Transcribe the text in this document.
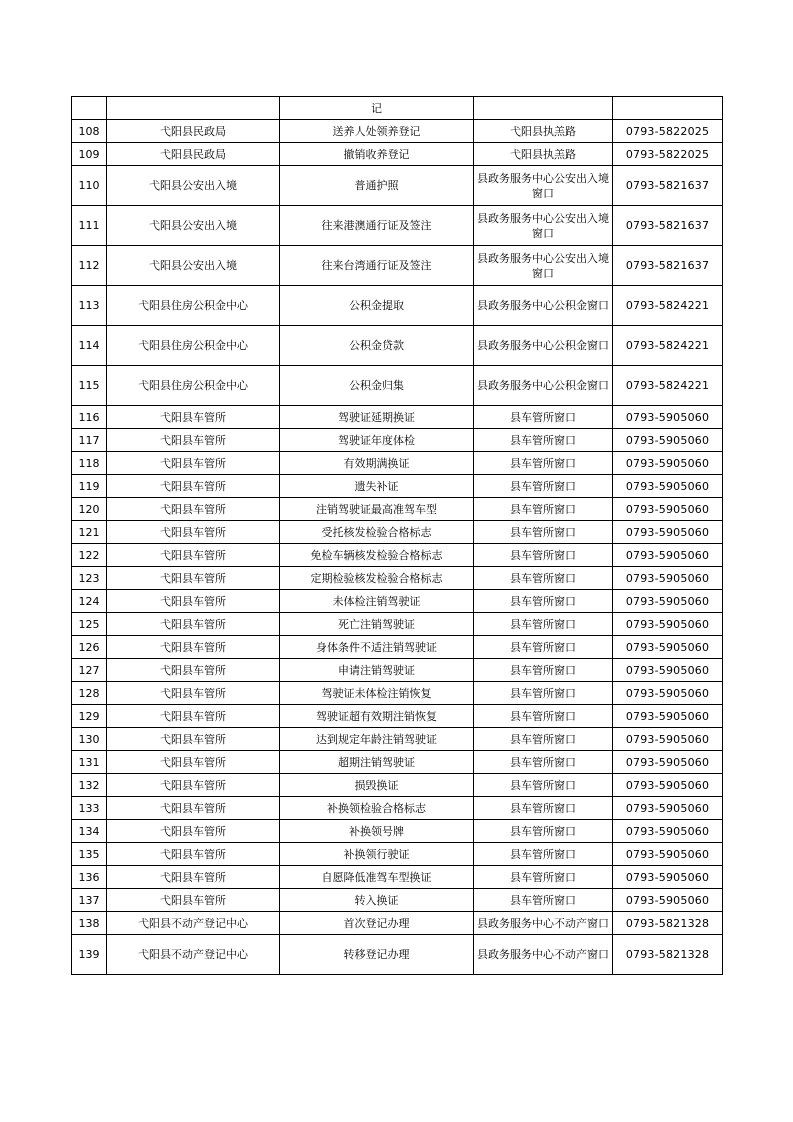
		记		
108	弋阳县民政局	送养人处领养登记	弋阳县执羔路	0793-5822025
109	弋阳县民政局	撤销收养登记	弋阳县执羔路	0793-5822025
110	弋阳县公安出入境	普通护照	县政务服务中心公安出入境窗口	0793-5821637
111	弋阳县公安出入境	往来港澳通行证及签注	县政务服务中心公安出入境窗口	0793-5821637
112	弋阳县公安出入境	往来台湾通行证及签注	县政务服务中心公安出入境窗口	0793-5821637
113	弋阳县住房公积金中心	公积金提取	县政务服务中心公积金窗口	0793-5824221
114	弋阳县住房公积金中心	公积金贷款	县政务服务中心公积金窗口	0793-5824221
115	弋阳县住房公积金中心	公积金归集	县政务服务中心公积金窗口	0793-5824221
116	弋阳县车管所	驾驶证延期换证	县车管所窗口	0793-5905060
117	弋阳县车管所	驾驶证年度体检	县车管所窗口	0793-5905060
118	弋阳县车管所	有效期满换证	县车管所窗口	0793-5905060
119	弋阳县车管所	遗失补证	县车管所窗口	0793-5905060
120	弋阳县车管所	注销驾驶证最高准驾车型	县车管所窗口	0793-5905060
121	弋阳县车管所	受托核发检验合格标志	县车管所窗口	0793-5905060
122	弋阳县车管所	免检车辆核发检验合格标志	县车管所窗口	0793-5905060
123	弋阳县车管所	定期检验核发检验合格标志	县车管所窗口	0793-5905060
124	弋阳县车管所	未体检注销驾驶证	县车管所窗口	0793-5905060
125	弋阳县车管所	死亡注销驾驶证	县车管所窗口	0793-5905060
126	弋阳县车管所	身体条件不适注销驾驶证	县车管所窗口	0793-5905060
127	弋阳县车管所	申请注销驾驶证	县车管所窗口	0793-5905060
128	弋阳县车管所	驾驶证未体检注销恢复	县车管所窗口	0793-5905060
129	弋阳县车管所	驾驶证超有效期注销恢复	县车管所窗口	0793-5905060
130	弋阳县车管所	达到规定年龄注销驾驶证	县车管所窗口	0793-5905060
131	弋阳县车管所	超期注销驾驶证	县车管所窗口	0793-5905060
132	弋阳县车管所	损毁换证	县车管所窗口	0793-5905060
133	弋阳县车管所	补换领检验合格标志	县车管所窗口	0793-5905060
134	弋阳县车管所	补换领号牌	县车管所窗口	0793-5905060
135	弋阳县车管所	补换领行驶证	县车管所窗口	0793-5905060
136	弋阳县车管所	自愿降低准驾车型换证	县车管所窗口	0793-5905060
137	弋阳县车管所	转入换证	县车管所窗口	0793-5905060
138	弋阳县不动产登记中心	首次登记办理	县政务服务中心不动产窗口	0793-5821328
139	弋阳县不动产登记中心	转移登记办理	县政务服务中心不动产窗口	0793-5821328
